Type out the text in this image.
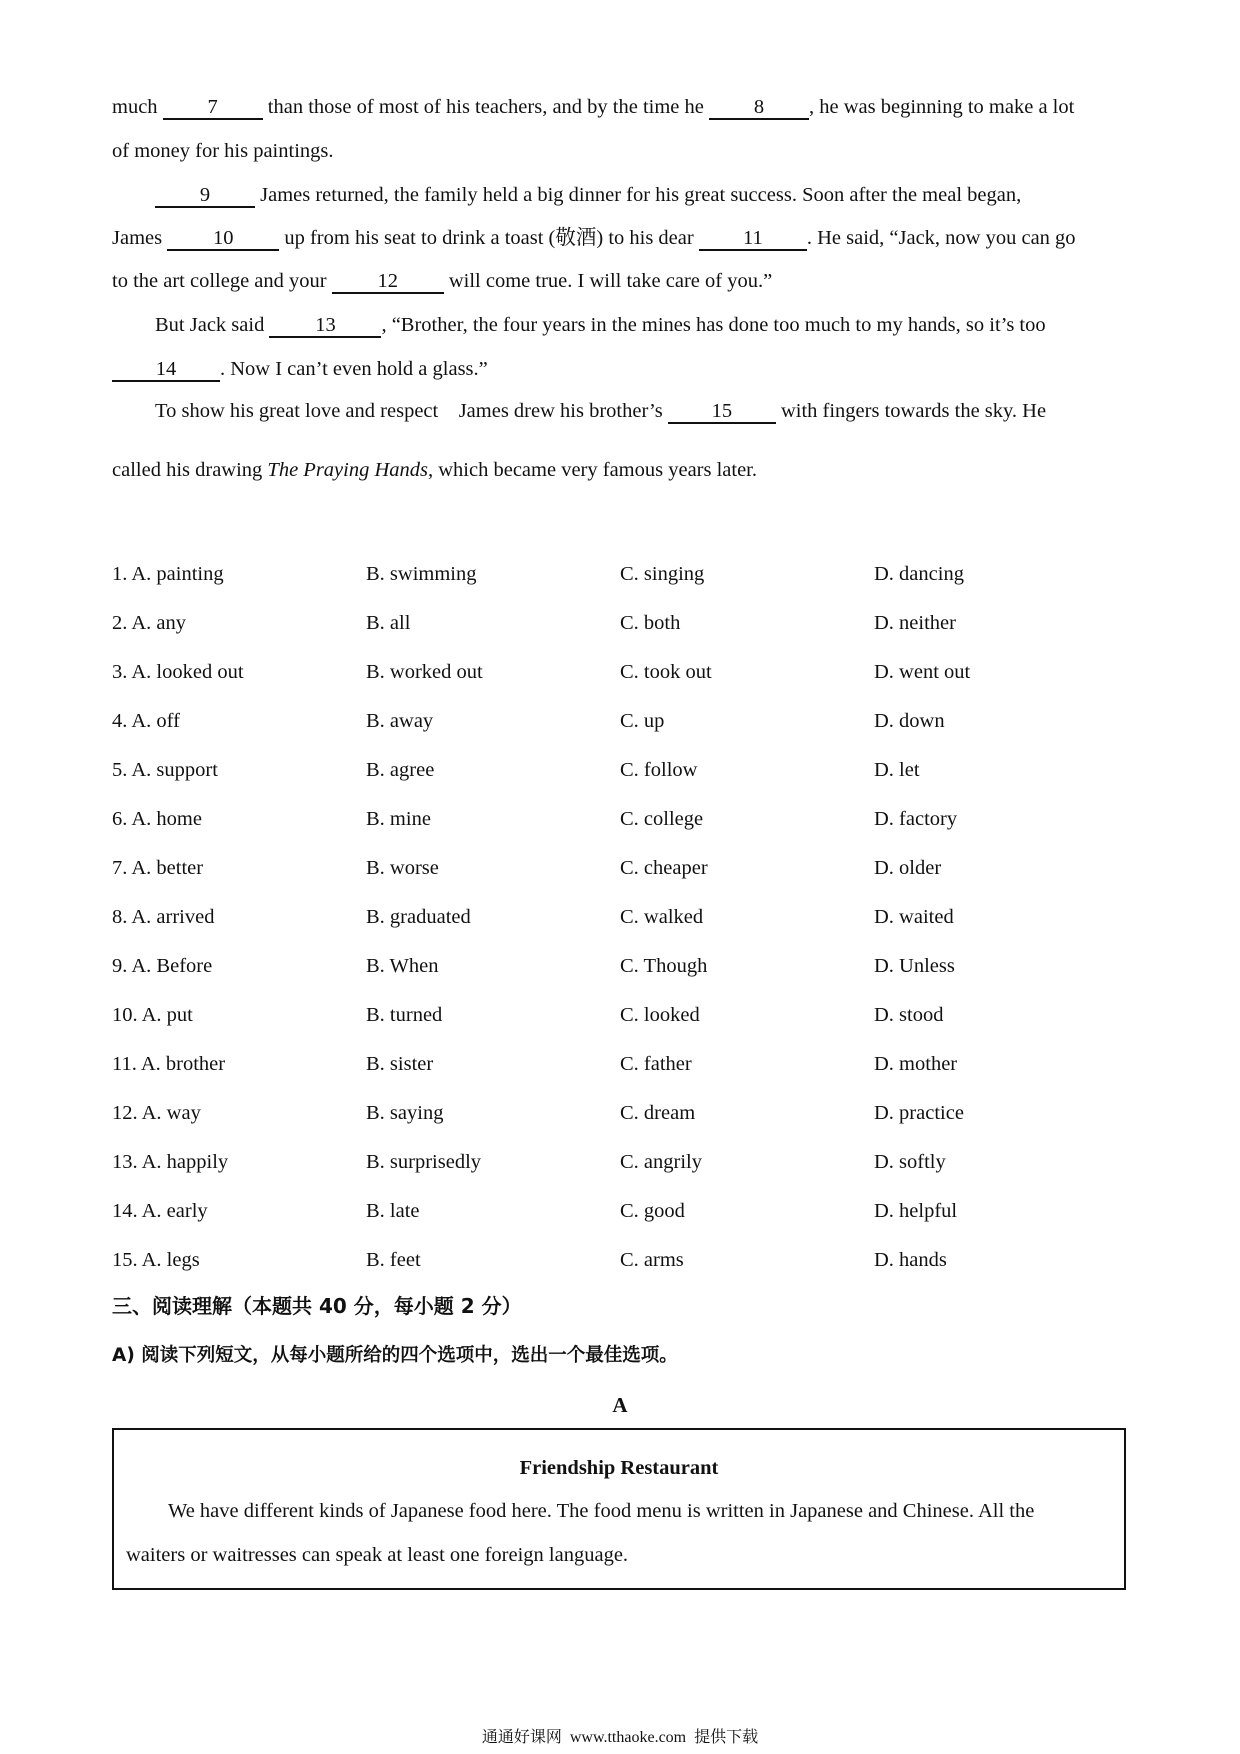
much 7 than those of most of his teachers, and by the time he 8 , he was beginning to make a lot
of money for his paintings.
9 James returned, the family held a big dinner for his great success. Soon after the meal began,
James 10 up from his seat to drink a toast (敬酒) to his dear 11 . He said, “Jack, now you can go
to the art college and your 12 will come true. I will take care of you.”
But Jack said 13 , “Brother, the four years in the mines has done too much to my hands, so it’s too
14 . Now I can’t even hold a glass.”
To show his great love and respect    James drew his brother’s 15 with fingers towards the sky. He
called his drawing The Praying Hands, which became very famous years later.
1. A. painting	B. swimming	C. singing	D. dancing
2. A. any	B. all	C. both	D. neither
3. A. looked out	B. worked out	C. took out	D. went out
4. A. off	B. away	C. up	D. down
5. A. support	B. agree	C. follow	D. let
6. A. home	B. mine	C. college	D. factory
7. A. better	B. worse	C. cheaper	D. older
8. A. arrived	B. graduated	C. walked	D. waited
9. A. Before	B. When	C. Though	D. Unless
10. A. put	B. turned	C. looked	D. stood
11. A. brother	B. sister	C. father	D. mother
12. A. way	B. saying	C. dream	D. practice
13. A. happily	B. surprisedly	C. angrily	D. softly
14. A. early	B. late	C. good	D. helpful
15. A. legs	B. feet	C. arms	D. hands
三、阅读理解（本题共 40 分，每小题 2 分）
A) 阅读下列短文，从每小题所给的四个选项中，选出一个最佳选项。
A
Friendship Restaurant
We have different kinds of Japanese food here. The food menu is written in Japanese and Chinese. All the
waiters or waitresses can speak at least one foreign language.
通通好课网  www.tthaoke.com  提供下载
